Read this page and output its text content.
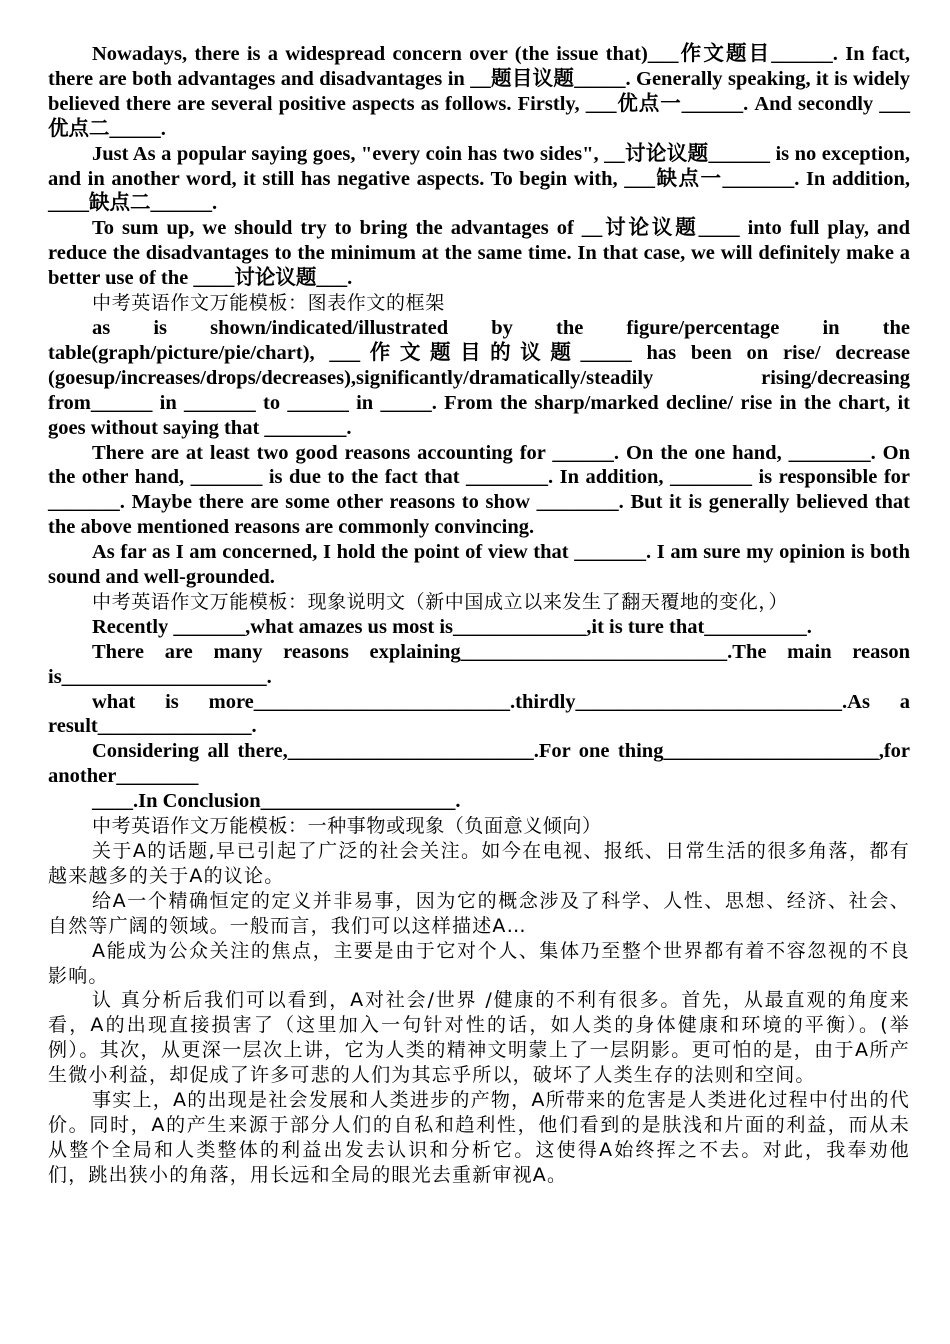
Nowadays, there is a widespread concern over (the issue that)___作文题目______. In fact, there are both advantages and disadvantages in __题目议题_____. Generally speaking, it is widely believed there are several positive aspects as follows. Firstly, ___优点一______. And secondly ___优点二_____.

Just As a popular saying goes, "every coin has two sides", __讨论议题______ is no exception, and in another word, it still has negative aspects. To begin with, ___缺点一_______. In addition, ____缺点二______.

To sum up, we should try to bring the advantages of __讨论议题____ into full play, and reduce the disadvantages to the minimum at the same time. In that case, we will definitely make a better use of the ____讨论议题___.

中考英语作文万能模板：图表作文的框架

as is shown/indicated/illustrated by the figure/percentage in the table(graph/picture/pie/chart), ___作文题目的议题_____ has been on rise/ decrease (goesup/increases/drops/decreases),significantly/dramatically/steadily rising/decreasing from______ in _______ to ______ in _____. From the sharp/marked decline/ rise in the chart, it goes without saying that ________.

There are at least two good reasons accounting for ______. On the one hand, ________. On the other hand, _______ is due to the fact that ________. In addition, ________ is responsible for _______. Maybe there are some other reasons to show ________. But it is generally believed that the above mentioned reasons are commonly convincing.

As far as I am concerned, I hold the point of view that _______. I am sure my opinion is both sound and well-grounded.

中考英语作文万能模板：现象说明文（新中国成立以来发生了翻天覆地的变化，）

Recently _______,what amazes us most is_____________,it is ture that__________.

There are many reasons explaining__________________________.The main reason is____________________.

what is more_________________________.thirdly__________________________.As a result_______________.

Considering all there,________________________.For one thing_____________________,for another________

____.In Conclusion___________________.

中考英语作文万能模板：一种事物或现象（负面意义倾向）

关于A的话题,早已引起了广泛的社会关注。如今在电视、报纸、日常生活的很多角落，都有越来越多的关于A的议论。

给A一个精确恒定的定义并非易事，因为它的概念涉及了科学、人性、思想、经济、社会、自然等广阔的领域。一般而言，我们可以这样描述A…

A能成为公众关注的焦点，主要是由于它对个人、集体乃至整个世界都有着不容忽视的不良影响。

认 真分析后我们可以看到，A对社会/世界 /健康的不利有很多。首先，从最直观的角度来看，A的出现直接损害了（这里加入一句针对性的话，如人类的身体健康和环境的平衡）。(举例）。其次，从更深一层次上讲，它为人类的精神文明蒙上了一层阴影。更可怕的是，由于A所产生微小利益，却促成了许多可悲的人们为其忘乎所以，破坏了人类生存的法则和空间。

事实上，A的出现是社会发展和人类进步的产物，A所带来的危害是人类进化过程中付出的代价。同时，A的产生来源于部分人们的自私和趋利性，他们看到的是肤浅和片面的利益，而从未从整个全局和人类整体的利益出发去认识和分析它。这使得A始终挥之不去。对此，我奉劝他们，跳出狭小的角落，用长远和全局的眼光去重新审视A。
